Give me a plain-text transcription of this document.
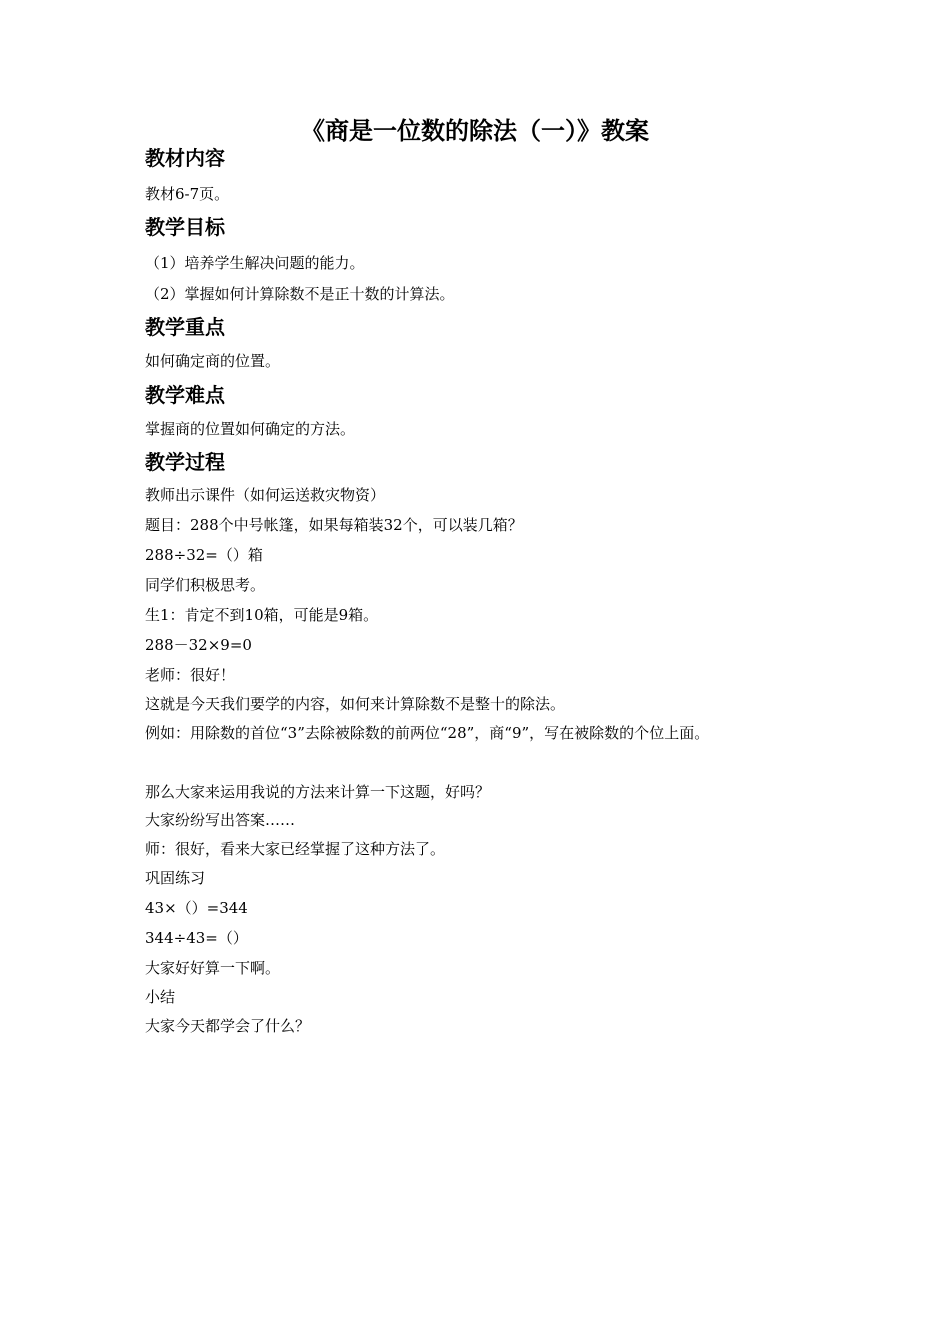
《商是一位数的除法（一）》教案
教材内容
教材6-7页。
教学目标
（1）培养学生解决问题的能力。
（2）掌握如何计算除数不是正十数的计算法。
教学重点
如何确定商的位置。
教学难点
掌握商的位置如何确定的方法。
教学过程
教师出示课件（如何运送救灾物资）
题目：288个中号帐篷，如果每箱装32个，可以装几箱？
288÷32=（）箱
同学们积极思考。
生1：肯定不到10箱，可能是9箱。
288－32×9=0
老师：很好！
这就是今天我们要学的内容，如何来计算除数不是整十的除法。
例如：用除数的首位“3”去除被除数的前两位“28”，商“9”，写在被除数的个位上面。
那么大家来运用我说的方法来计算一下这题，好吗？
大家纷纷写出答案……
师：很好，看来大家已经掌握了这种方法了。
巩固练习
43×（）=344
344÷43=（）
大家好好算一下啊。
小结
大家今天都学会了什么？
